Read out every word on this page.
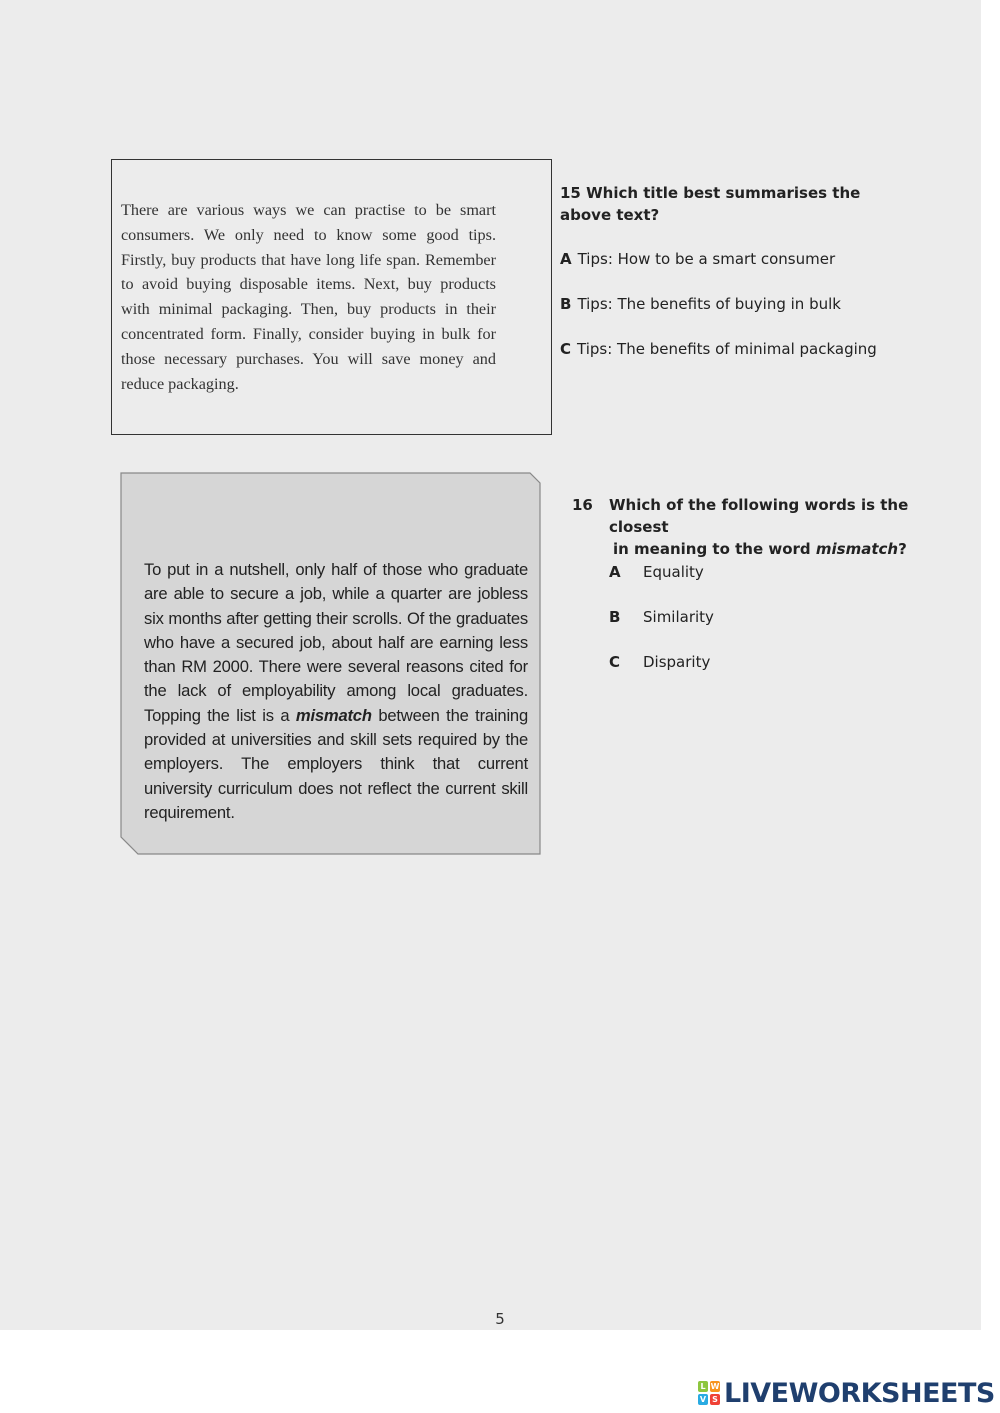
There are various ways we can practise to be smart consumers. We only need to know some good tips. Firstly, buy products that have long life span. Remember to avoid buying disposable items. Next, buy products with minimal packaging. Then, buy products in their concentrated form. Finally, consider buying in bulk for those necessary purchases. You will save money and reduce packaging.

15 Which title best summarises the above text?
A Tips: How to be a smart consumer
B Tips: The benefits of buying in bulk
C Tips: The benefits of minimal packaging

To put in a nutshell, only half of those who graduate are able to secure a job, while a quarter are jobless six months after getting their scrolls. Of the graduates who have a secured job, about half are earning less than RM 2000. There were several reasons cited for the lack of employability among local graduates. Topping the list is a mismatch between the training provided at universities and skill sets required by the employers. The employers think that current university curriculum does not reflect the current skill requirement.

16 Which of the following words is the closest
in meaning to the word mismatch?
A Equality
B Similarity
C Disparity
5
L W
V S LIVEWORKSHEETS
